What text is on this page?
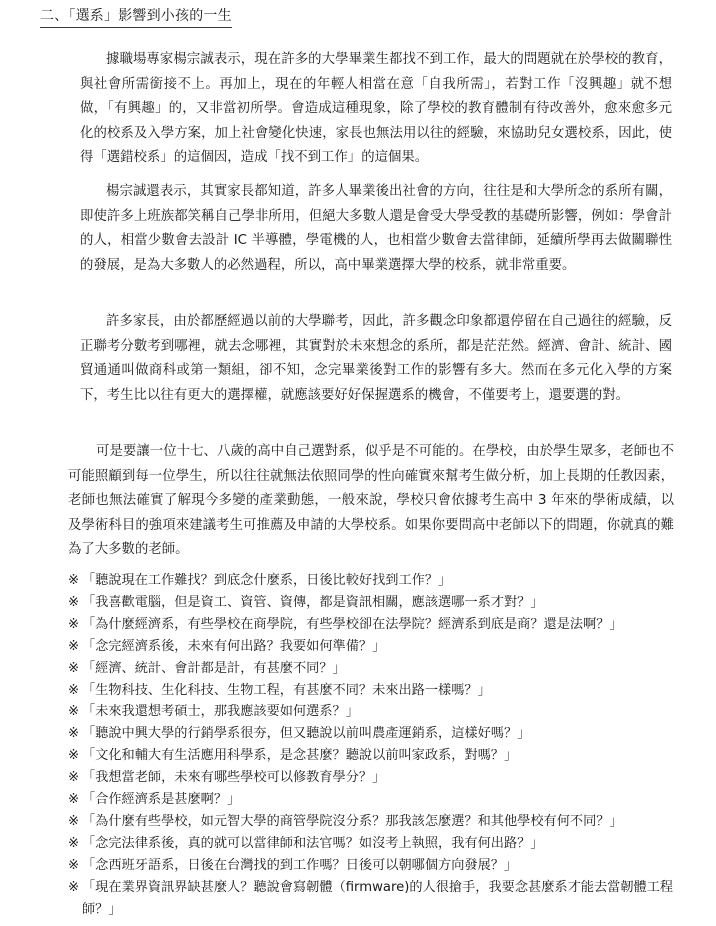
二、「選系」影響到小孩的一生

據職場專家楊宗誠表示，現在許多的大學畢業生都找不到工作，最大的問題就在於學校的教育，與社會所需銜接不上。再加上，現在的年輕人相當在意「自我所需」，若對工作「沒興趣」就不想做，「有興趣」的，又非當初所學。會造成這種現象，除了學校的教育體制有待改善外，愈來愈多元化的校系及入學方案，加上社會變化快速，家長也無法用以往的經驗，來協助兒女選校系，因此，使得「選錯校系」的這個因，造成「找不到工作」的這個果。

楊宗誠還表示，其實家長都知道，許多人畢業後出社會的方向，往往是和大學所念的系所有關，即使許多上班族都笑稱自己學非所用，但絕大多數人還是會受大學受教的基礎所影響，例如：學會計的人，相當少數會去設計 IC 半導體，學電機的人，也相當少數會去當律師，延續所學再去做關聯性的發展，是為大多數人的必然過程，所以，高中畢業選擇大學的校系，就非常重要。

許多家長，由於都歷經過以前的大學聯考，因此，許多觀念印象都還停留在自己過往的經驗，反正聯考分數考到哪裡，就去念哪裡，其實對於未來想念的系所，都是茫茫然。經濟、會計、統計、國貿通通叫做商科或第一類組，卻不知，念完畢業後對工作的影響有多大。然而在多元化入學的方案下，考生比以往有更大的選擇權，就應該要好好保握選系的機會，不僅要考上，還要選的對。

可是要讓一位十七、八歲的高中自己選對系，似乎是不可能的。在學校，由於學生眾多，老師也不可能照顧到每一位學生，所以往往就無法依照同學的性向確實來幫考生做分析，加上長期的任教因素，老師也無法確實了解現今多變的產業動態，一般來說，學校只會依據考生高中 3 年來的學術成績，以及學術科目的強項來建議考生可推薦及申請的大學校系。如果你要問高中老師以下的問題，你就真的難為了大多數的老師。

※ 「聽說現在工作難找？到底念什麼系，日後比較好找到工作？」
※ 「我喜歡電腦，但是資工、資管、資傳，都是資訊相關，應該選哪一系才對？」
※ 「為什麼經濟系，有些學校在商學院，有些學校卻在法學院？經濟系到底是商？還是法啊？」
※ 「念完經濟系後，未來有何出路？我要如何準備？」
※ 「經濟、統計、會計都是計，有甚麼不同？」
※ 「生物科技、生化科技、生物工程，有甚麼不同？未來出路一樣嗎？」
※ 「未來我還想考碩士，那我應該要如何選系？」
※ 「聽說中興大學的行銷學系很夯，但又聽說以前叫農產運銷系，這樣好嗎？」
※ 「文化和輔大有生活應用科學系，是念甚麼？聽說以前叫家政系，對嗎？」
※ 「我想當老師，未來有哪些學校可以修教育學分？」
※ 「合作經濟系是甚麼啊？」
※ 「為什麼有些學校，如元智大學的商管學院沒分系？那我該怎麼選？和其他學校有何不同？」
※ 「念完法律系後，真的就可以當律師和法官嗎？如沒考上執照，我有何出路？」
※ 「念西班牙語系，日後在台灣找的到工作嗎？日後可以朝哪個方向發展？」
※ 「現在業界資訊界缺甚麼人？聽說會寫韌體（firmware)的人很搶手，我要念甚麼系才能去當韌體工程師？」
